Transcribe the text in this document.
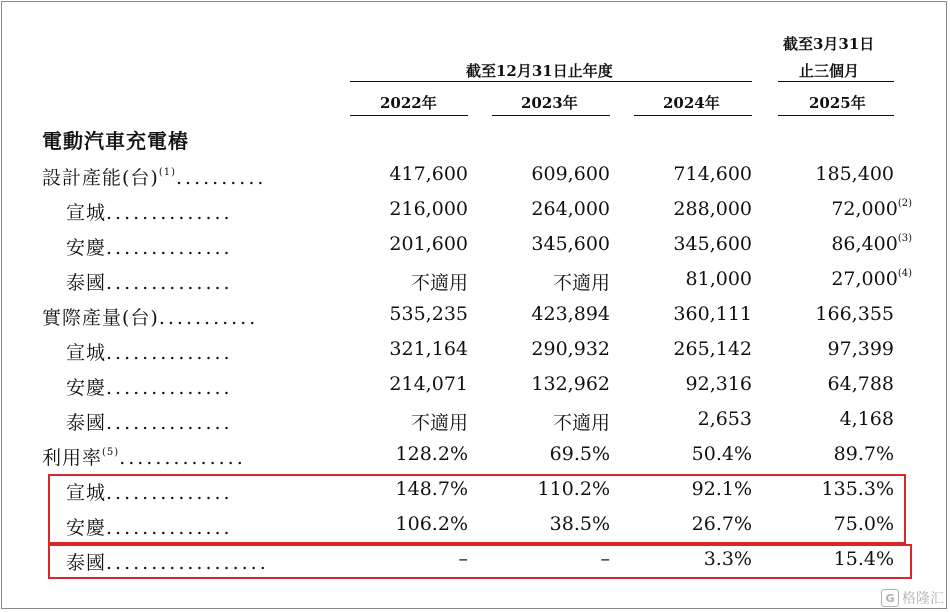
截至12月31日止年度
截至3月31日
止三個月
2022年	2023年	2024年	2025年
電動汽車充電樁
設計產能(台)$^{(1)}$..........	417,600	609,600	714,600	185,400
宣城..............	216,000	264,000	288,000	72,000$^{(2)}$
安慶..............	201,600	345,600	345,600	86,400$^{(3)}$
泰國..............	不適用	不適用	81,000	27,000$^{(4)}$
實際產量(台)...........	535,235	423,894	360,111	166,355
宣城..............	321,164	290,932	265,142	97,399
安慶..............	214,071	132,962	92,316	64,788
泰國..............	不適用	不適用	2,653	4,168
利用率$^{(5)}$..............	128.2%	69.5%	50.4%	89.7%
宣城..............	148.7%	110.2%	92.1%	135.3%
安慶..............	106.2%	38.5%	26.7%	75.0%
泰國..................	–	–	3.3%	15.4%
G 格隆汇
